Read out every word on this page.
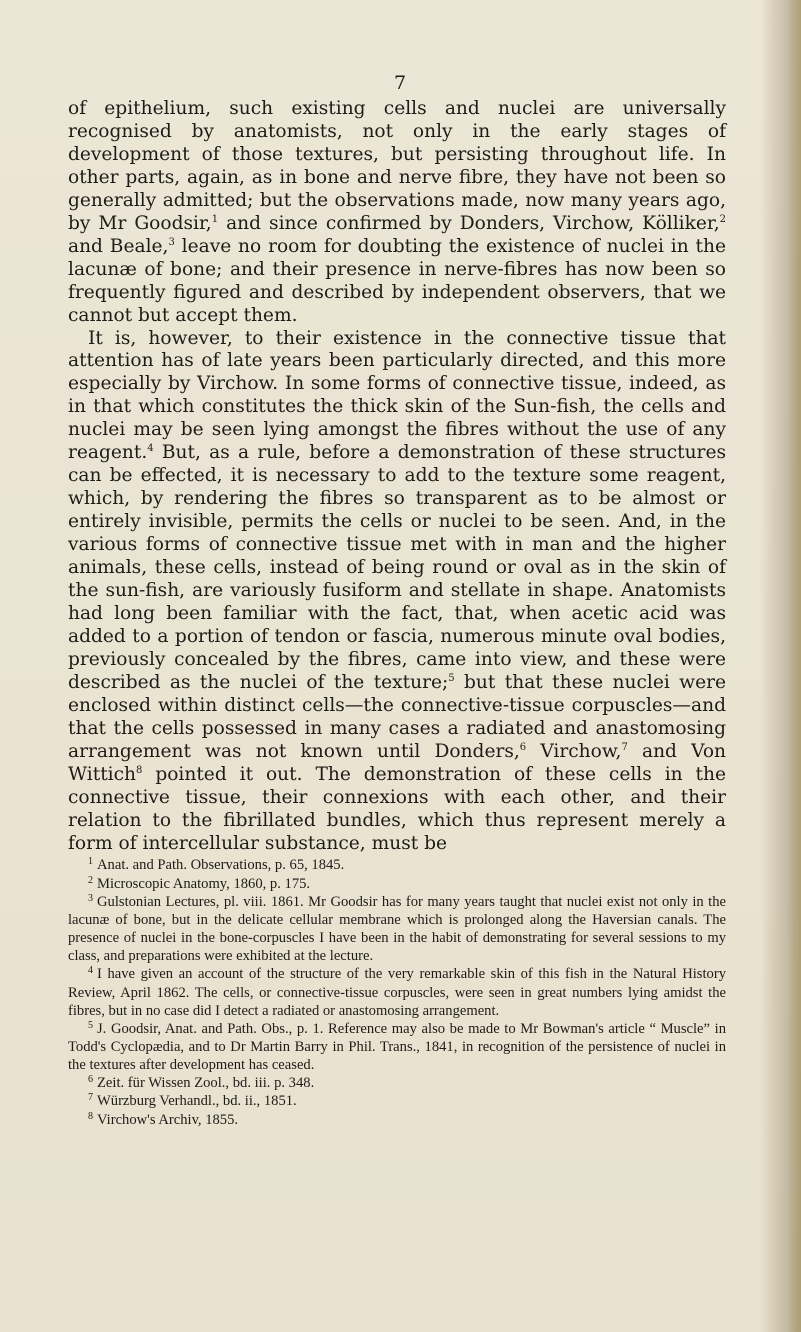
7

of epithelium, such existing cells and nuclei are universally recognised by anatomists, not only in the early stages of development of those textures, but persisting throughout life. In other parts, again, as in bone and nerve fibre, they have not been so generally admitted; but the observations made, now many years ago, by Mr Goodsir,$^1$ and since confirmed by Donders, Virchow, Kölliker,$^2$ and Beale,$^3$ leave no room for doubting the existence of nuclei in the lacunæ of bone; and their presence in nerve-fibres has now been so frequently figured and described by independent observers, that we cannot but accept them.

It is, however, to their existence in the connective tissue that attention has of late years been particularly directed, and this more especially by Virchow. In some forms of connective tissue, indeed, as in that which constitutes the thick skin of the Sun-fish, the cells and nuclei may be seen lying amongst the fibres without the use of any reagent.$^4$ But, as a rule, before a demonstration of these structures can be effected, it is necessary to add to the texture some reagent, which, by rendering the fibres so transparent as to be almost or entirely invisible, permits the cells or nuclei to be seen. And, in the various forms of connective tissue met with in man and the higher animals, these cells, instead of being round or oval as in the skin of the sun-fish, are variously fusiform and stellate in shape. Anatomists had long been familiar with the fact, that, when acetic acid was added to a portion of tendon or fascia, numerous minute oval bodies, previously concealed by the fibres, came into view, and these were described as the nuclei of the texture;$^5$ but that these nuclei were enclosed within distinct cells—the connective-tissue corpuscles—and that the cells possessed in many cases a radiated and anastomosing arrangement was not known until Donders,$^6$ Virchow,$^7$ and Von Wittich$^8$ pointed it out. The demonstration of these cells in the connective tissue, their connexions with each other, and their relation to the fibrillated bundles, which thus represent merely a form of intercellular substance, must be

$^1$ Anat. and Path. Observations, p. 65, 1845.

$^2$ Microscopic Anatomy, 1860, p. 175.

$^3$ Gulstonian Lectures, pl. viii. 1861. Mr Goodsir has for many years taught that nuclei exist not only in the lacunæ of bone, but in the delicate cellular membrane which is prolonged along the Haversian canals. The presence of nuclei in the bone-corpuscles I have been in the habit of demonstrating for several sessions to my class, and preparations were exhibited at the lecture.

$^4$ I have given an account of the structure of the very remarkable skin of this fish in the Natural History Review, April 1862. The cells, or connective-tissue corpuscles, were seen in great numbers lying amidst the fibres, but in no case did I detect a radiated or anastomosing arrangement.

$^5$ J. Goodsir, Anat. and Path. Obs., p. 1. Reference may also be made to Mr Bowman's article “ Muscle” in Todd's Cyclopædia, and to Dr Martin Barry in Phil. Trans., 1841, in recognition of the persistence of nuclei in the textures after development has ceased.

$^6$ Zeit. für Wissen Zool., bd. iii. p. 348.

$^7$ Würzburg Verhandl., bd. ii., 1851.

$^8$ Virchow's Archiv, 1855.
